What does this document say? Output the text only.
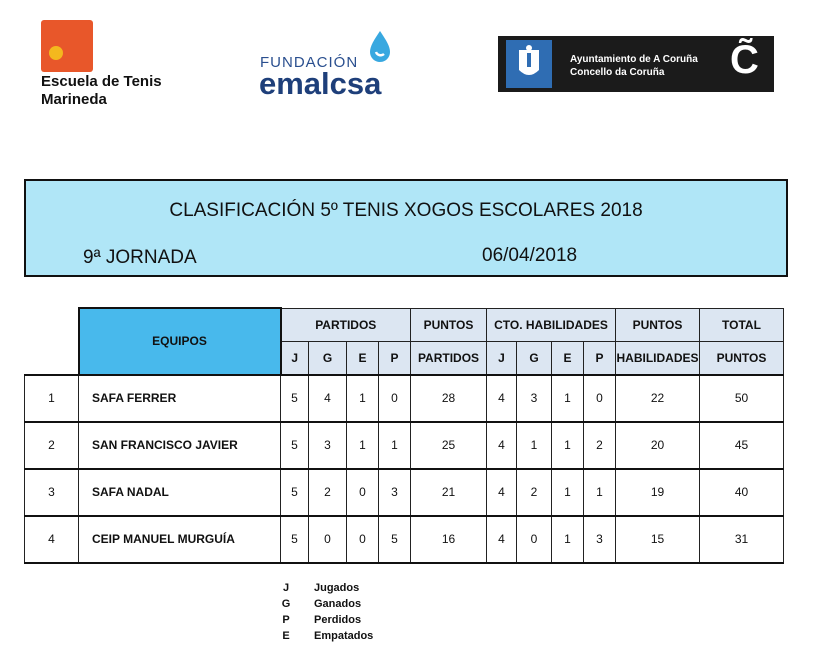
Escuela de Tenis
Marineda
FUNDACIÓN
emalcsa
Ayuntamiento de A Coruña
Concello da Coruña	C̃
CLASIFICACIÓN 5º TENIS XOGOS ESCOLARES 2018
9ª JORNADA	06/04/2018
	EQUIPOS	PARTIDOS				PUNTOS	CTO. HABILIDADES				PUNTOS	TOTAL
		J	G	E	P	PARTIDOS	J	G	E	P	HABILIDADES	PUNTOS
1	SAFA FERRER	5	4	1	0	28	4	3	1	0	22	50
2	SAN FRANCISCO JAVIER	5	3	1	1	25	4	1	1	2	20	45
3	SAFA NADAL	5	2	0	3	21	4	2	1	1	19	40
4	CEIP MANUEL MURGUÍA	5	0	0	5	16	4	0	1	3	15	31
J Jugados
G Ganados
P Perdidos
E Empatados
